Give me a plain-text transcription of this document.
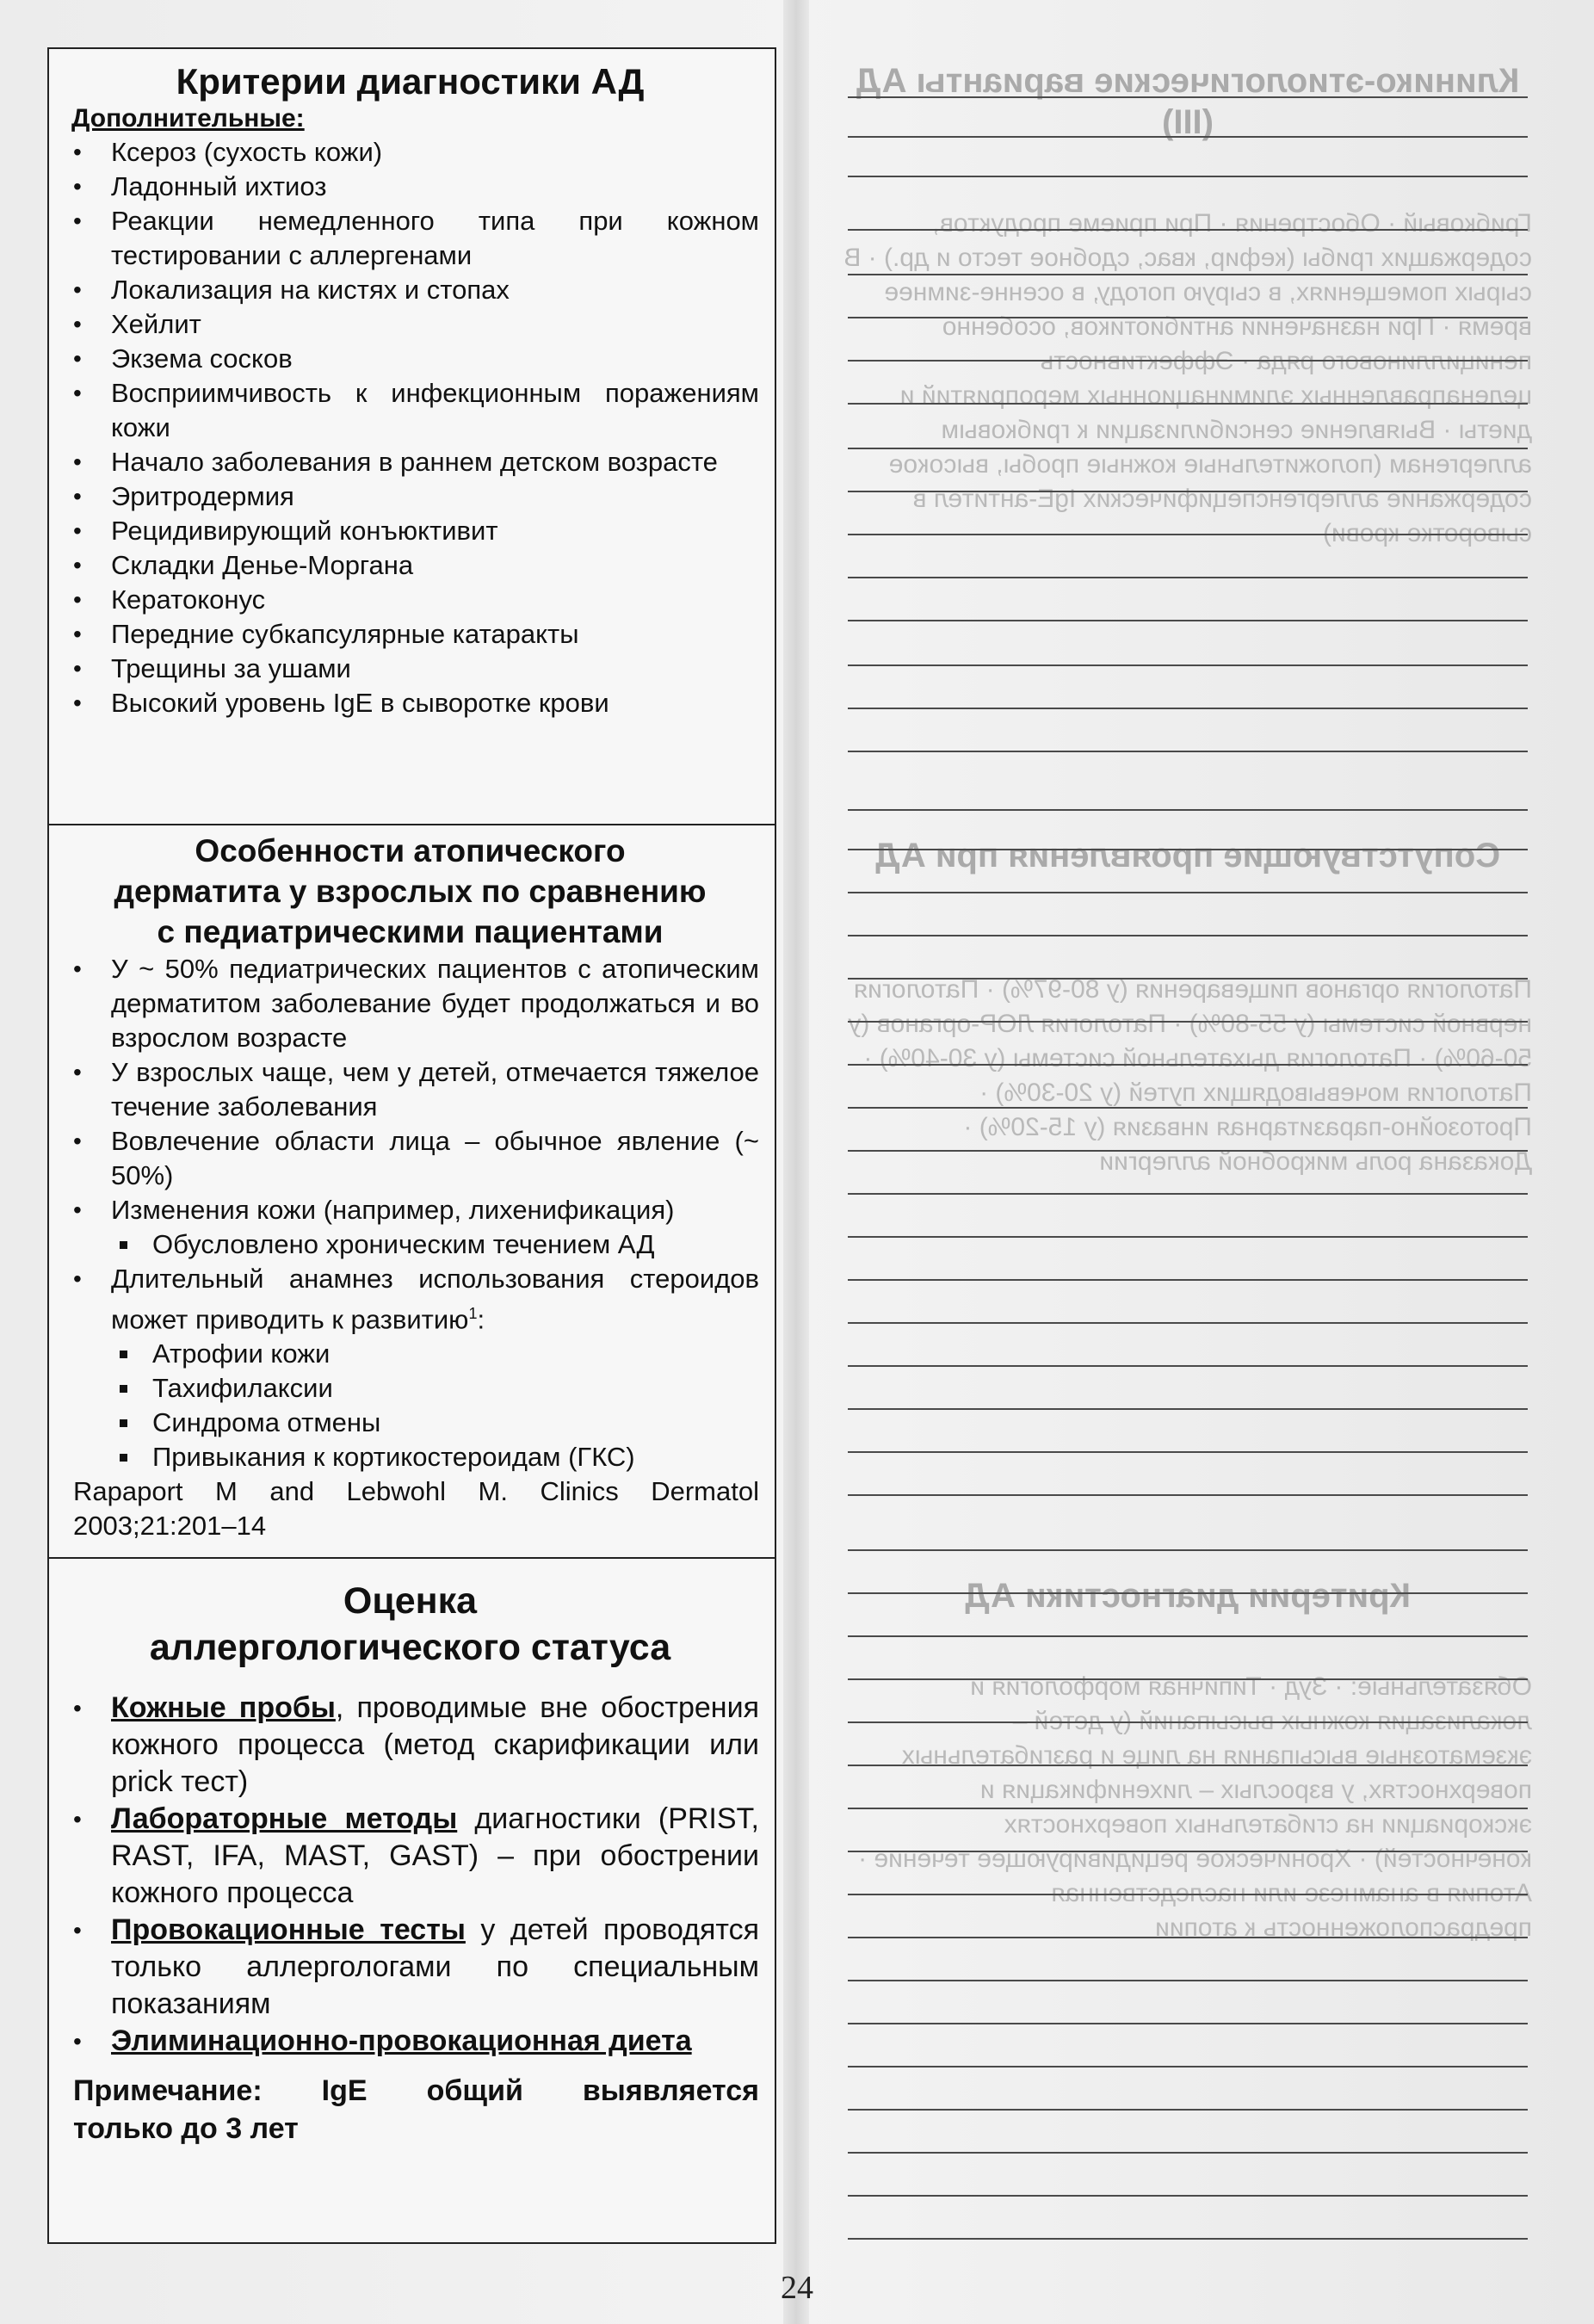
Критерии диагностики АД
Дополнительные:
• Ксероз (сухость кожи)
• Ладонный ихтиоз
• Реакции немедленного типа при кожном тестировании с аллергенами
• Локализация на кистях и стопах
• Хейлит
• Экзема сосков
• Восприимчивость к инфекционным поражениям кожи
• Начало заболевания в раннем детском возрасте
• Эритродермия
• Рецидивирующий конъюктивит
• Складки Денье-Моргана
• Кератоконус
• Передние субкапсулярные катаракты
• Трещины за ушами
• Высокий уровень IgE в сыворотке крови
Особенности атопического
дерматита у взрослых по сравнению
с педиатрическими пациентами
• У ~ 50% педиатрических пациентов с атопическим дерматитом заболевание будет продолжаться и во взрослом возрасте
• У взрослых чаще, чем у детей, отмечается тяжелое течение заболевания
• Вовлечение области лица – обычное явление (~ 50%)
• Изменения кожи (например, лихенификация)
Обусловлено хроническим течением АД
• Длительный анамнез использования стероидов может приводить к развитию$^1$:
Атрофии кожи
Тахифилаксии
Синдрома отмены
Привыкания к кортикостероидам (ГКС)
Rapaport M and Lebwohl M. Clinics Dermatol 2003;21:201–14
Оценка
аллергологического статуса
• Кожные пробы, проводимые вне обострения кожного процесса (метод скарификации или prick тест)
• Лабораторные методы диагностики (PRIST, RAST, IFA, MAST, GAST) – при обострении кожного процесса
• Провокационные тесты у детей проводятся только аллергологами по специальным показаниям
• Элиминационно-провокационная диета
Примечание: IgE общий выявляется
только до 3 лет
Клинико-этиологические варианты АД (III)
Грибковый · Обострения · При приеме продуктов, содержащих грибы (кефир, квас, сдобное тесто и др.) · В сырых помещениях, в сырую погоду, в осенне-зимнее время · При назначении антибиотиков, особенно пенициллинового ряда · Эффективность целенаправленных элиминационных мероприятий и диеты · Выявление сенсибилизации к грибковым аллергенам (положительные кожные пробы, высокое содержание аллергенспецифических IgE-антител в сыворотке крови)
Сопутствующие проявления при АД
Патология органов пищеварения (у 80-97%) · Патология нервной системы (у 55-80%) · Патология ЛОР-органов (у 50-60%) · Патология дыхательной системы (у 30-40%) · Патология мочевыводящих путей (у 20-30%) · Протозойно-паразитарная инвазия (у 15-20%) · Доказана роль микробной аллергии
Критерии диагностики АД
Обязательные: · Зуд · Типичная морфология и локализация кожных высыпаний (у детей – экзематозные высыпания на лице и разгибательных поверхностях, у взрослых – лихенификация и экскориации на сгибательных поверхностях конечностей) · Хроническое рецидивирующее течение · Атопия в анамнезе или наследственная предрасположенность к атопии
24
